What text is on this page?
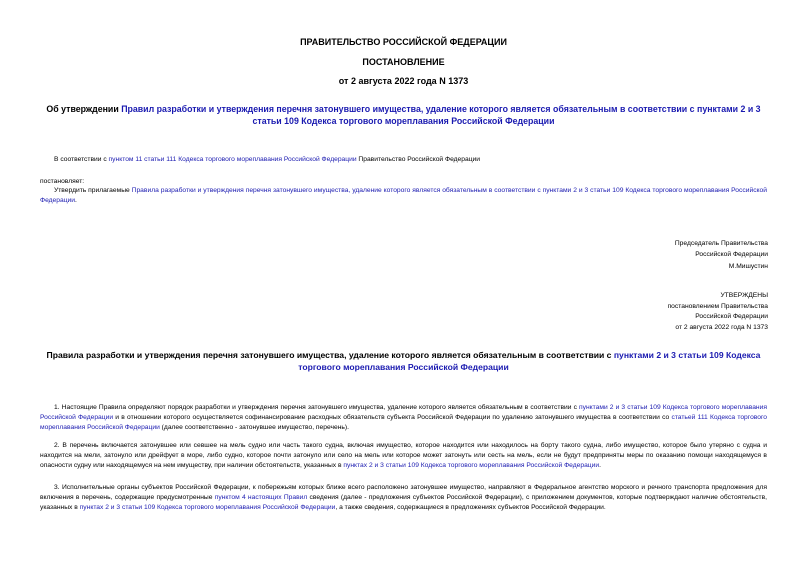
ПРАВИТЕЛЬСТВО РОССИЙСКОЙ ФЕДЕРАЦИИ
ПОСТАНОВЛЕНИЕ
от 2 августа 2022 года N 1373
Об утверждении Правил разработки и утверждения перечня затонувшего имущества, удаление которого является обязательным в соответствии с пунктами 2 и 3 статьи 109 Кодекса торгового мореплавания Российской Федерации
В соответствии с пунктом 11 статьи 111 Кодекса торгового мореплавания Российской Федерации Правительство Российской Федерации
постановляет:
Утвердить прилагаемые Правила разработки и утверждения перечня затонувшего имущества, удаление которого является обязательным в соответствии с пунктами 2 и 3 статьи 109 Кодекса торгового мореплавания Российской Федерации.

Председатель Правительства

Российской Федерации

М.Мишустин

УТВЕРЖДЕНЫ

постановлением Правительства

Российской Федерации

от 2 августа 2022 года N 1373

Правила разработки и утверждения перечня затонувшего имущества, удаление которого является обязательным в соответствии с пунктами 2 и 3 статьи 109 Кодекса торгового мореплавания Российской Федерации
1. Настоящие Правила определяют порядок разработки и утверждения перечня затонувшего имущества, удаление которого является обязательным в соответствии с пунктами 2 и 3 статьи 109 Кодекса торгового мореплавания Российской Федерации и в отношении которого осуществляется софинансирование расходных обязательств субъекта Российской Федерации по удалению затонувшего имущества в соответствии со статьей 111 Кодекса торгового мореплавания Российской Федерации (далее соответственно - затонувшее имущество, перечень).
2. В перечень включается затонувшее или севшее на мель судно или часть такого судна, включая имущество, которое находится или находилось на борту такого судна, либо имущество, которое было утеряно с судна и находится на мели, затонуло или дрейфует в море, либо судно, которое почти затонуло или село на мель или которое может затонуть или сесть на мель, если не будут предприняты меры по оказанию помощи находящемуся в опасности судну или находящемуся на нем имуществу, при наличии обстоятельств, указанных в пунктах 2 и 3 статьи 109 Кодекса торгового мореплавания Российской Федерации.
3. Исполнительные органы субъектов Российской Федерации, к побережьям которых ближе всего расположено затонувшее имущество, направляют в Федеральное агентство морского и речного транспорта предложения для включения в перечень, содержащие предусмотренные пунктом 4 настоящих Правил сведения (далее - предложения субъектов Российской Федерации), с приложением документов, которые подтверждают наличие обстоятельств, указанных в пунктах 2 и 3 статьи 109 Кодекса торгового мореплавания Российской Федерации, а также сведения, содержащиеся в предложениях субъектов Российской Федерации.
